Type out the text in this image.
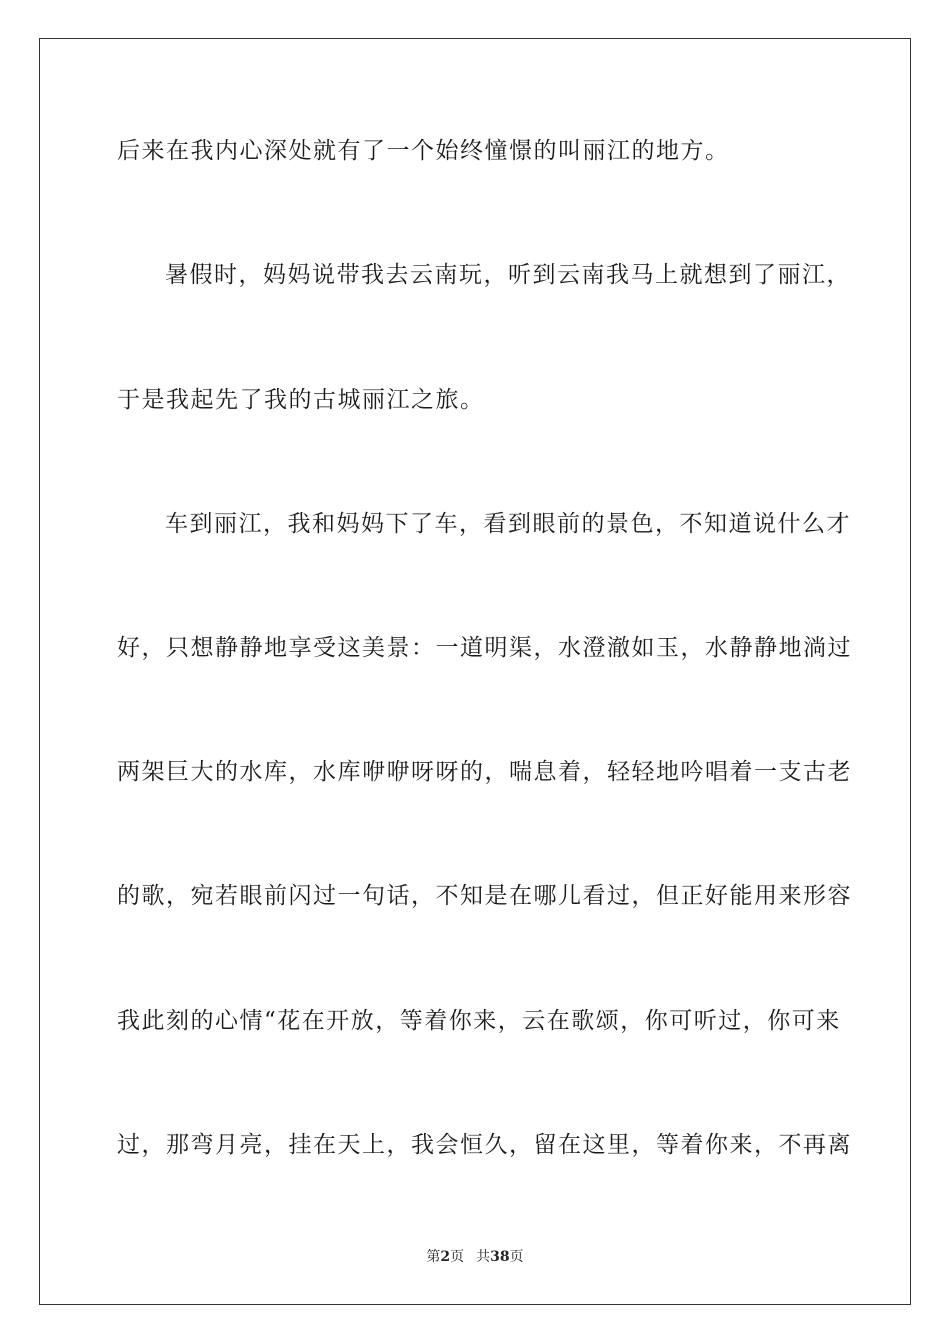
后来在我内心深处就有了一个始终憧憬的叫丽江的地方。
暑假时，妈妈说带我去云南玩，听到云南我马上就想到了丽江，
于是我起先了我的古城丽江之旅。
车到丽江，我和妈妈下了车，看到眼前的景色，不知道说什么才
好，只想静静地享受这美景：一道明渠，水澄澈如玉，水静静地淌过
两架巨大的水库，水库咿咿呀呀的，喘息着，轻轻地吟唱着一支古老
的歌，宛若眼前闪过一句话，不知是在哪儿看过，但正好能用来形容
我此刻的心情“花在开放，等着你来，云在歌颂，你可听过，你可来
过，那弯月亮，挂在天上，我会恒久，留在这里，等着你来，不再离
第2页 共38页
